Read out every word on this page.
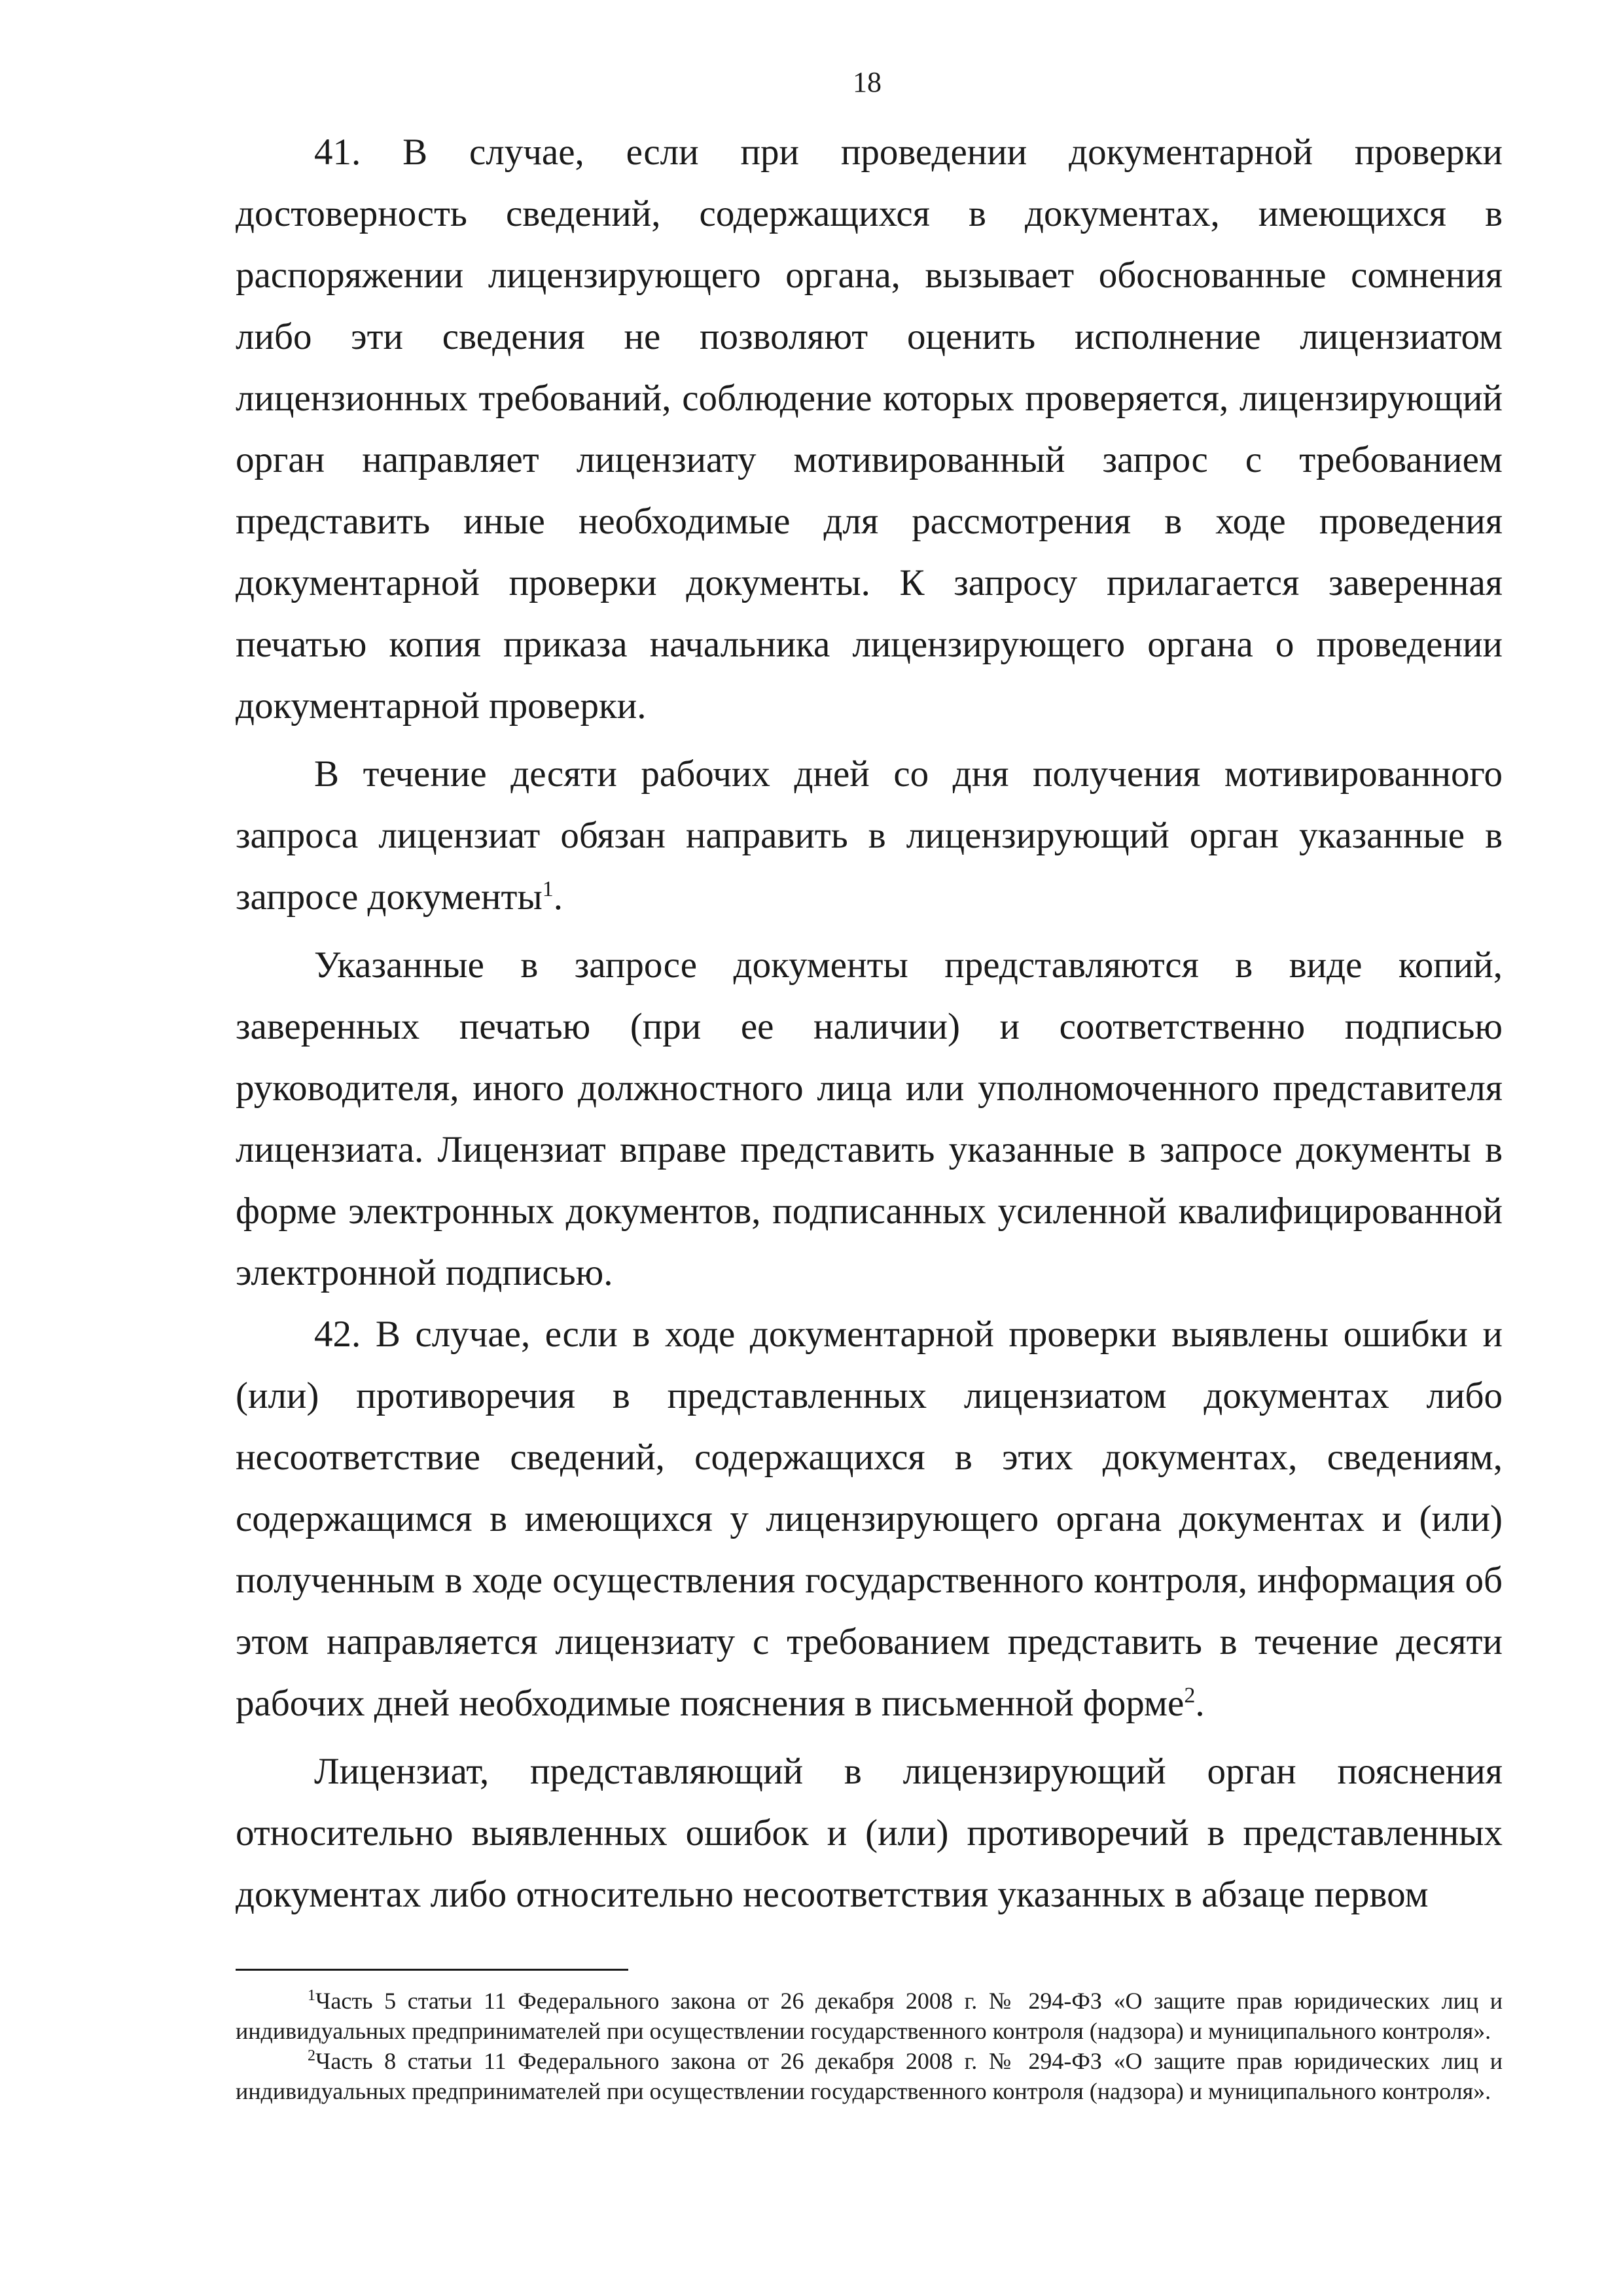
18

41. В случае, если при проведении документарной проверки достоверность сведений, содержащихся в документах, имеющихся в распоряжении лицензирующего органа, вызывает обоснованные сомнения либо эти сведения не позволяют оценить исполнение лицензиатом лицензионных требований, соблюдение которых проверяется, лицензирующий орган направляет лицензиату мотивированный запрос с требованием представить иные необходимые для рассмотрения в ходе проведения документарной проверки документы. К запросу прилагается заверенная печатью копия приказа начальника лицензирующего органа о проведении документарной проверки.

В течение десяти рабочих дней со дня получения мотивированного запроса лицензиат обязан направить в лицензирующий орган указанные в запросе документы$^1$.

Указанные в запросе документы представляются в виде копий, заверенных печатью (при ее наличии) и соответственно подписью руководителя, иного должностного лица или уполномоченного представителя лицензиата. Лицензиат вправе представить указанные в запросе документы в форме электронных документов, подписанных усиленной квалифицированной электронной подписью.

42. В случае, если в ходе документарной проверки выявлены ошибки и (или) противоречия в представленных лицензиатом документах либо несоответствие сведений, содержащихся в этих документах, сведениям, содержащимся в имеющихся у лицензирующего органа документах и (или) полученным в ходе осуществления государственного контроля, информация об этом направляется лицензиату с требованием представить в течение десяти рабочих дней необходимые пояснения в письменной форме$^2$.

Лицензиат, представляющий в лицензирующий орган пояснения относительно выявленных ошибок и (или) противоречий в представленных документах либо относительно несоответствия указанных в абзаце первом

$^1$Часть 5 статьи 11 Федерального закона от 26 декабря 2008 г. № 294-ФЗ «О защите прав юридических лиц и индивидуальных предпринимателей при осуществлении государственного контроля (надзора) и муниципального контроля».

$^2$Часть 8 статьи 11 Федерального закона от 26 декабря 2008 г. № 294-ФЗ «О защите прав юридических лиц и индивидуальных предпринимателей при осуществлении государственного контроля (надзора) и муниципального контроля».
